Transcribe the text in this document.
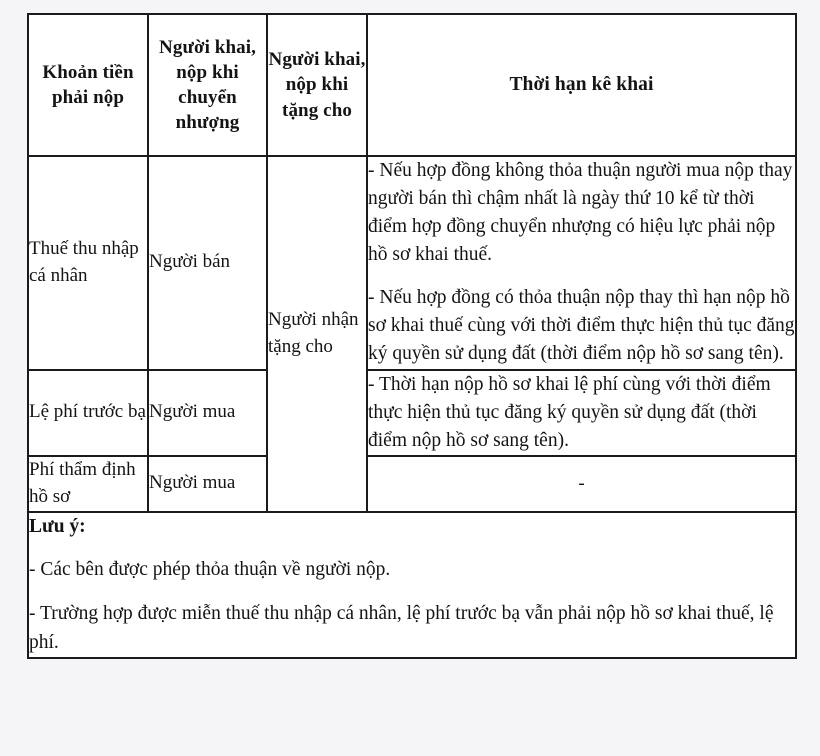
Khoản tiền phải nộp	Người khai, nộp khi chuyển nhượng	Người khai, nộp khi tặng cho	Thời hạn kê khai
Thuế thu nhập cá nhân	Người bán	Người nhận tặng cho	- Nếu hợp đồng không thỏa thuận người mua nộp thay người bán thì chậm nhất là ngày thứ 10 kể từ thời điểm hợp đồng chuyển nhượng có hiệu lực phải nộp hồ sơ khai thuế.

- Nếu hợp đồng có thỏa thuận nộp thay thì hạn nộp hồ sơ khai thuế cùng với thời điểm thực hiện thủ tục đăng ký quyền sử dụng đất (thời điểm nộp hồ sơ sang tên).

Lệ phí trước bạ	Người mua		- Thời hạn nộp hồ sơ khai lệ phí cùng với thời điểm thực hiện thủ tục đăng ký quyền sử dụng đất (thời điểm nộp hồ sơ sang tên).

Phí thẩm định hồ sơ	Người mua		-

Lưu ý:

- Các bên được phép thỏa thuận về người nộp.

- Trường hợp được miễn thuế thu nhập cá nhân, lệ phí trước bạ vẫn phải nộp hồ sơ khai thuế, lệ phí.			
